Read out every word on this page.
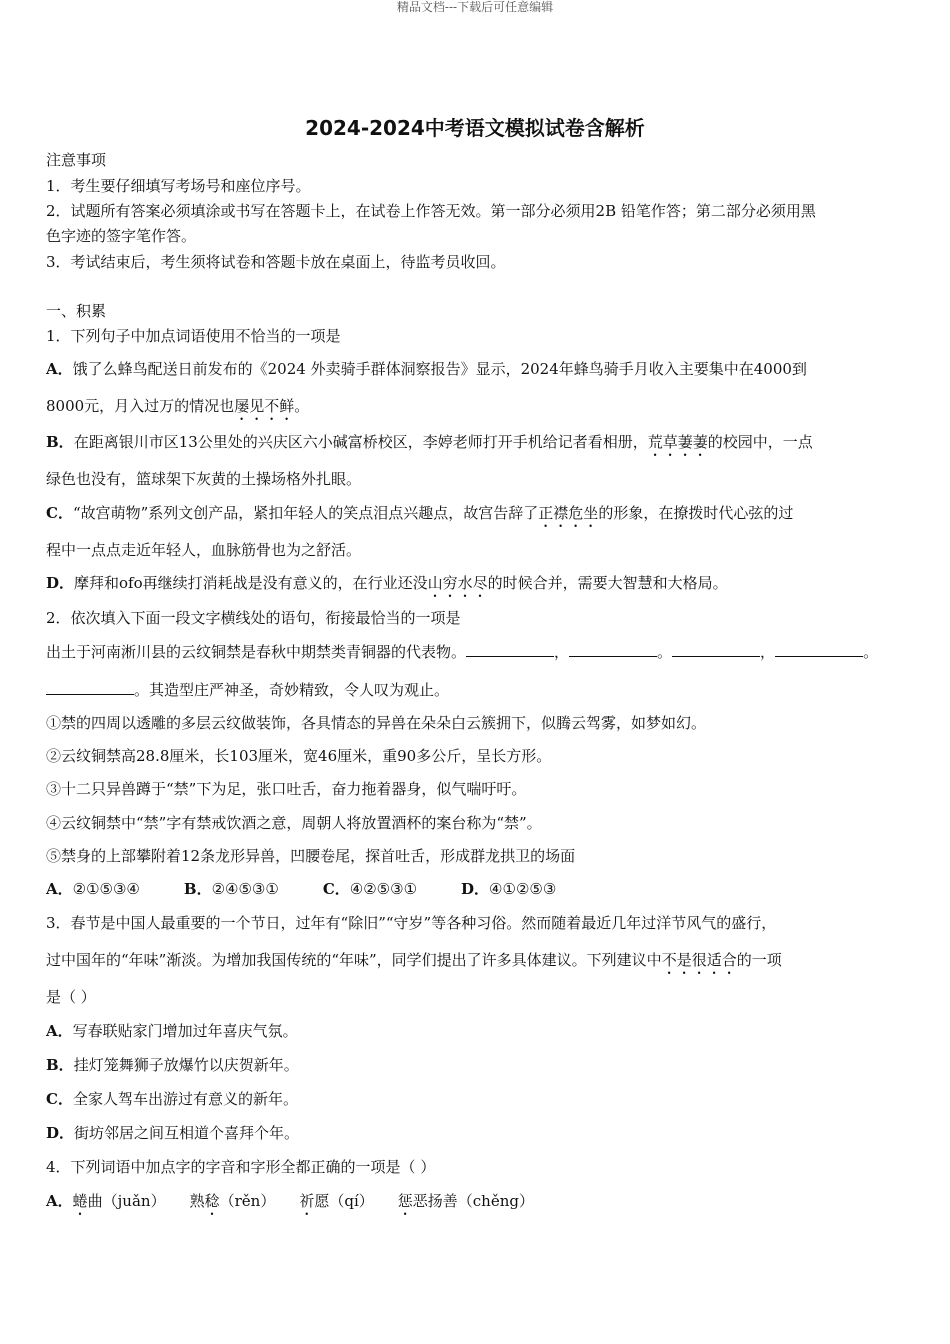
精品文档---下载后可任意编辑
2024-2024中考语文模拟试卷含解析
注意事项
1．考生要仔细填写考场号和座位序号。
2．试题所有答案必须填涂或书写在答题卡上，在试卷上作答无效。第一部分必须用2B 铅笔作答；第二部分必须用黑
色字迹的签字笔作答。
3．考试结束后，考生须将试卷和答题卡放在桌面上，待监考员收回。
一、积累
1．下列句子中加点词语使用不恰当的一项是
A．饿了么蜂鸟配送日前发布的《2024 外卖骑手群体洞察报告》显示，2024年蜂鸟骑手月收入主要集中在4000到
8000元，月入过万的情况也屡见不鲜。
B．在距离银川市区13公里处的兴庆区六小碱富桥校区，李婷老师打开手机给记者看相册，荒草萋萋的校园中，一点
绿色也没有，篮球架下灰黄的土操场格外扎眼。
C．“故宫萌物”系列文创产品，紧扣年轻人的笑点泪点兴趣点，故宫告辞了正襟危坐的形象，在撩拨时代心弦的过
程中一点点走近年轻人，血脉筋骨也为之舒活。
D．摩拜和ofo再继续打消耗战是没有意义的，在行业还没山穷水尽的时候合并，需要大智慧和大格局。
2．依次填入下面一段文字横线处的语句，衔接最恰当的一项是
出土于河南淅川县的云纹铜禁是春秋中期禁类青铜器的代表物。	，	。	，	。
。其造型庄严神圣，奇妙精致，令人叹为观止。
①禁的四周以透雕的多层云纹做装饰，各具情态的异兽在朵朵白云簇拥下，似腾云驾雾，如梦如幻。
②云纹铜禁高28.8厘米，长103厘米，宽46厘米，重90多公斤，呈长方形。
③十二只异兽蹲于“禁”下为足，张口吐舌，奋力拖着器身，似气喘吁吁。
④云纹铜禁中“禁”字有禁戒饮酒之意，周朝人将放置酒杯的案台称为“禁”。
⑤禁身的上部攀附着12条龙形异兽，凹腰卷尾，探首吐舌，形成群龙拱卫的场面
A．②①⑤③④	B．②④⑤③①	C．④②⑤③①	D．④①②⑤③
3．春节是中国人最重要的一个节日，过年有“除旧”“守岁”等各种习俗。然而随着最近几年过洋节风气的盛行，
过中国年的“年味”渐淡。为增加我国传统的“年味”，同学们提出了许多具体建议。下列建议中不是很适合的一项
是（ ）
A．写春联贴家门增加过年喜庆气氛。
B．挂灯笼舞狮子放爆竹以庆贺新年。
C．全家人驾车出游过有意义的新年。
D．街坊邻居之间互相道个喜拜个年。
4．下列词语中加点字的字音和字形全都正确的一项是（ ）
A．蜷曲（juǎn） 熟稔（rěn） 祈愿（qí） 惩恶扬善（chěng）
